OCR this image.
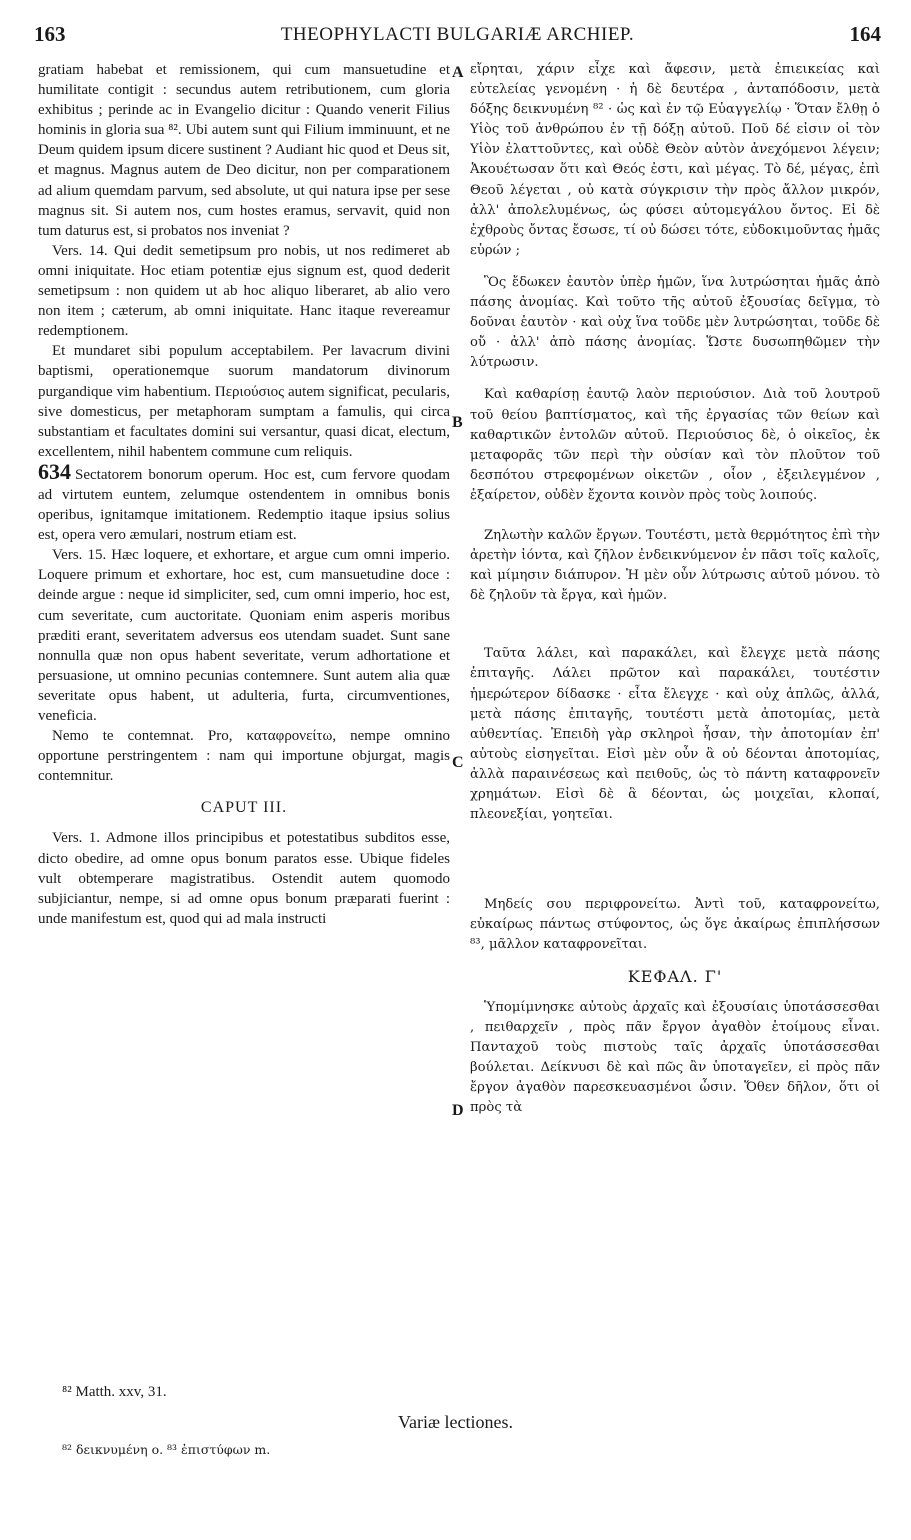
163	THEOPHYLACTI BULGARIÆ ARCHIEP.	164

gratiam habebat et remissionem, qui cum mansuetudine et humilitate contigit : secundus autem retributionem, cum gloria exhibitus ; perinde ac in Evangelio dicitur : Quando venerit Filius hominis in gloria sua ⁸². Ubi autem sunt qui Filium imminuunt, et ne Deum quidem ipsum dicere sustinent ? Audiant hic quod et Deus sit, et magnus. Magnus autem de Deo dicitur, non per comparationem ad alium quemdam parvum, sed absolute, ut qui natura ipse per sese magnus sit. Si autem nos, cum hostes eramus, servavit, quid non tum daturus est, si probatos nos inveniat ?

Vers. 14. Qui dedit semetipsum pro nobis, ut nos redimeret ab omni iniquitate. Hoc etiam potentiæ ejus signum est, quod dederit semetipsum : non quidem ut ab hoc aliquo liberaret, ab alio vero non item ; cæterum, ab omni iniquitate. Hanc itaque revereamur redemptionem.

Et mundaret sibi populum acceptabilem. Per lavacrum divini baptismi, operationemque suorum mandatorum divinorum purgandique vim habentium. Περιούσιος autem significat, pecularis, sive domesticus, per metaphoram sumptam a famulis, qui circa substantiam et facultates domini sui versantur, quasi dicat, electum, excellentem, nihil habentem commune cum reliquis.

634 Sectatorem bonorum operum. Hoc est, cum fervore quodam ad virtutem euntem, zelumque ostendentem in omnibus bonis operibus, ignitamque imitationem. Redemptio itaque ipsius solius est, opera vero æmulari, nostrum etiam est.

Vers. 15. Hæc loquere, et exhortare, et argue cum omni imperio. Loquere primum et exhortare, hoc est, cum mansuetudine doce : deinde argue : neque id simpliciter, sed, cum omni imperio, hoc est, cum severitate, cum auctoritate. Quoniam enim asperis moribus præditi erant, severitatem adversus eos utendam suadet. Sunt sane nonnulla quæ non opus habent severitate, verum adhortatione et persuasione, ut omnino pecunias contemnere. Sunt autem alia quæ severitate opus habent, ut adulteria, furta, circumventiones, veneficia.

Nemo te contemnat. Pro, καταφρονείτω, nempe omnino opportune perstringentem : nam qui importune objurgat, magis contemnitur.

CAPUT III.

Vers. 1. Admone illos principibus et potestatibus subditos esse, dicto obedire, ad omne opus bonum paratos esse. Ubique fideles vult obtemperare magistratibus. Ostendit autem quomodo subjiciantur, nempe, si ad omne opus bonum præparati fuerint : unde manifestum est, quod qui ad mala instructi

εἴρηται, χάριν εἶχε καὶ ἄφεσιν, μετὰ ἐπιεικείας καὶ εὐτελείας γενομένη · ἡ δὲ δευτέρα , ἀνταπόδοσιν, μετὰ δόξης δεικνυμένη ⁸² · ὡς καὶ ἐν τῷ Εὐαγγελίῳ · Ὅταν ἔλθῃ ὁ Υἱὸς τοῦ ἀνθρώπου ἐν τῇ δόξῃ αὐτοῦ. Ποῦ δέ εἰσιν οἱ τὸν Υἱὸν ἐλαττοῦντες, καὶ οὐδὲ Θεὸν αὐτὸν ἀνεχόμενοι λέγειν; Ἀκουέτωσαν ὅτι καὶ Θεός ἐστι, καὶ μέγας. Τὸ δέ, μέγας, ἐπὶ Θεοῦ λέγεται , οὐ κατὰ σύγκρισιν τὴν πρὸς ἄλλον μικρόν, ἀλλ' ἀπολελυμένως, ὡς φύσει αὐτομεγάλου ὄντος. Εἰ δὲ ἐχθροὺς ὄντας ἔσωσε, τί οὐ δώσει τότε, εὐδοκιμοῦντας ἡμᾶς εὑρών ;

Ὃς ἔδωκεν ἑαυτὸν ὑπὲρ ἡμῶν, ἵνα λυτρώσηται ἡμᾶς ἀπὸ πάσης ἀνομίας. Καὶ τοῦτο τῆς αὐτοῦ ἐξουσίας δεῖγμα, τὸ δοῦναι ἑαυτὸν · καὶ οὐχ ἵνα τοῦδε μὲν λυτρώσηται, τοῦδε δὲ οὔ · ἀλλ' ἀπὸ πάσης ἀνομίας. Ὥστε δυσωπηθῶμεν τὴν λύτρωσιν.

Καὶ καθαρίσῃ ἑαυτῷ λαὸν περιούσιον. Διὰ τοῦ λουτροῦ τοῦ θείου βαπτίσματος, καὶ τῆς ἐργασίας τῶν θείων καὶ καθαρτικῶν ἐντολῶν αὐτοῦ. Περιούσιος δὲ, ὁ οἰκεῖος, ἐκ μεταφορᾶς τῶν περὶ τὴν οὐσίαν καὶ τὸν πλοῦτον τοῦ δεσπότου στρεφομένων οἰκετῶν , οἷον , ἐξειλεγμένον , ἐξαίρετον, οὐδὲν ἔχοντα κοινὸν πρὸς τοὺς λοιπούς.

Ζηλωτὴν καλῶν ἔργων. Τουτέστι, μετὰ θερμότητος ἐπὶ τὴν ἀρετὴν ἰόντα, καὶ ζῆλον ἐνδεικνύμενον ἐν πᾶσι τοῖς καλοῖς, καὶ μίμησιν διάπυρον. Ἡ μὲν οὖν λύτρωσις αὐτοῦ μόνου. τὸ δὲ ζηλοῦν τὰ ἔργα, καὶ ἡμῶν.

Ταῦτα λάλει, καὶ παρακάλει, καὶ ἔλεγχε μετὰ πάσης ἐπιταγῆς. Λάλει πρῶτον καὶ παρακάλει, τουτέστιν ἡμερώτερον δίδασκε · εἶτα ἔλεγχε · καὶ οὐχ ἁπλῶς, ἀλλά, μετὰ πάσης ἐπιταγῆς, τουτέστι μετὰ ἀποτομίας, μετὰ αὐθεντίας. Ἐπειδὴ γὰρ σκληροὶ ἦσαν, τὴν ἀποτομίαν ἐπ' αὐτοὺς εἰσηγεῖται. Εἰσὶ μὲν οὖν ἃ οὐ δέονται ἀποτομίας, ἀλλὰ παραινέσεως καὶ πειθοῦς, ὡς τὸ πάντη καταφρονεῖν χρημάτων. Εἰσὶ δὲ ἃ δέονται, ὡς μοιχεῖαι, κλοπαί, πλεονεξίαι, γοητεῖαι.

Μηδείς σου περιφρονείτω. Ἀντὶ τοῦ, καταφρονείτω, εὐκαίρως πάντως στύφοντος, ὡς ὅγε ἀκαίρως ἐπιπλήσσων ⁸³, μᾶλλον καταφρονεῖται.

ΚΕΦΑΛ. Γ'

Ὑπομίμνησκε αὐτοὺς ἀρχαῖς καὶ ἐξουσίαις ὑποτάσσεσθαι , πειθαρχεῖν , πρὸς πᾶν ἔργον ἀγαθὸν ἑτοίμους εἶναι. Πανταχοῦ τοὺς πιστοὺς ταῖς ἀρχαῖς ὑποτάσσεσθαι βούλεται. Δείκνυσι δὲ καὶ πῶς ἂν ὑποταγεῖεν, εἰ πρὸς πᾶν ἔργον ἀγαθὸν παρεσκευασμένοι ὦσιν. Ὅθεν δῆλον, ὅτι οἱ πρὸς τὰ

A
B
C
D
⁸² Matth. xxv, 31.
Variæ lectiones.
⁸² δεικνυμένη ο. ⁸³ ἐπιστύφων m.
